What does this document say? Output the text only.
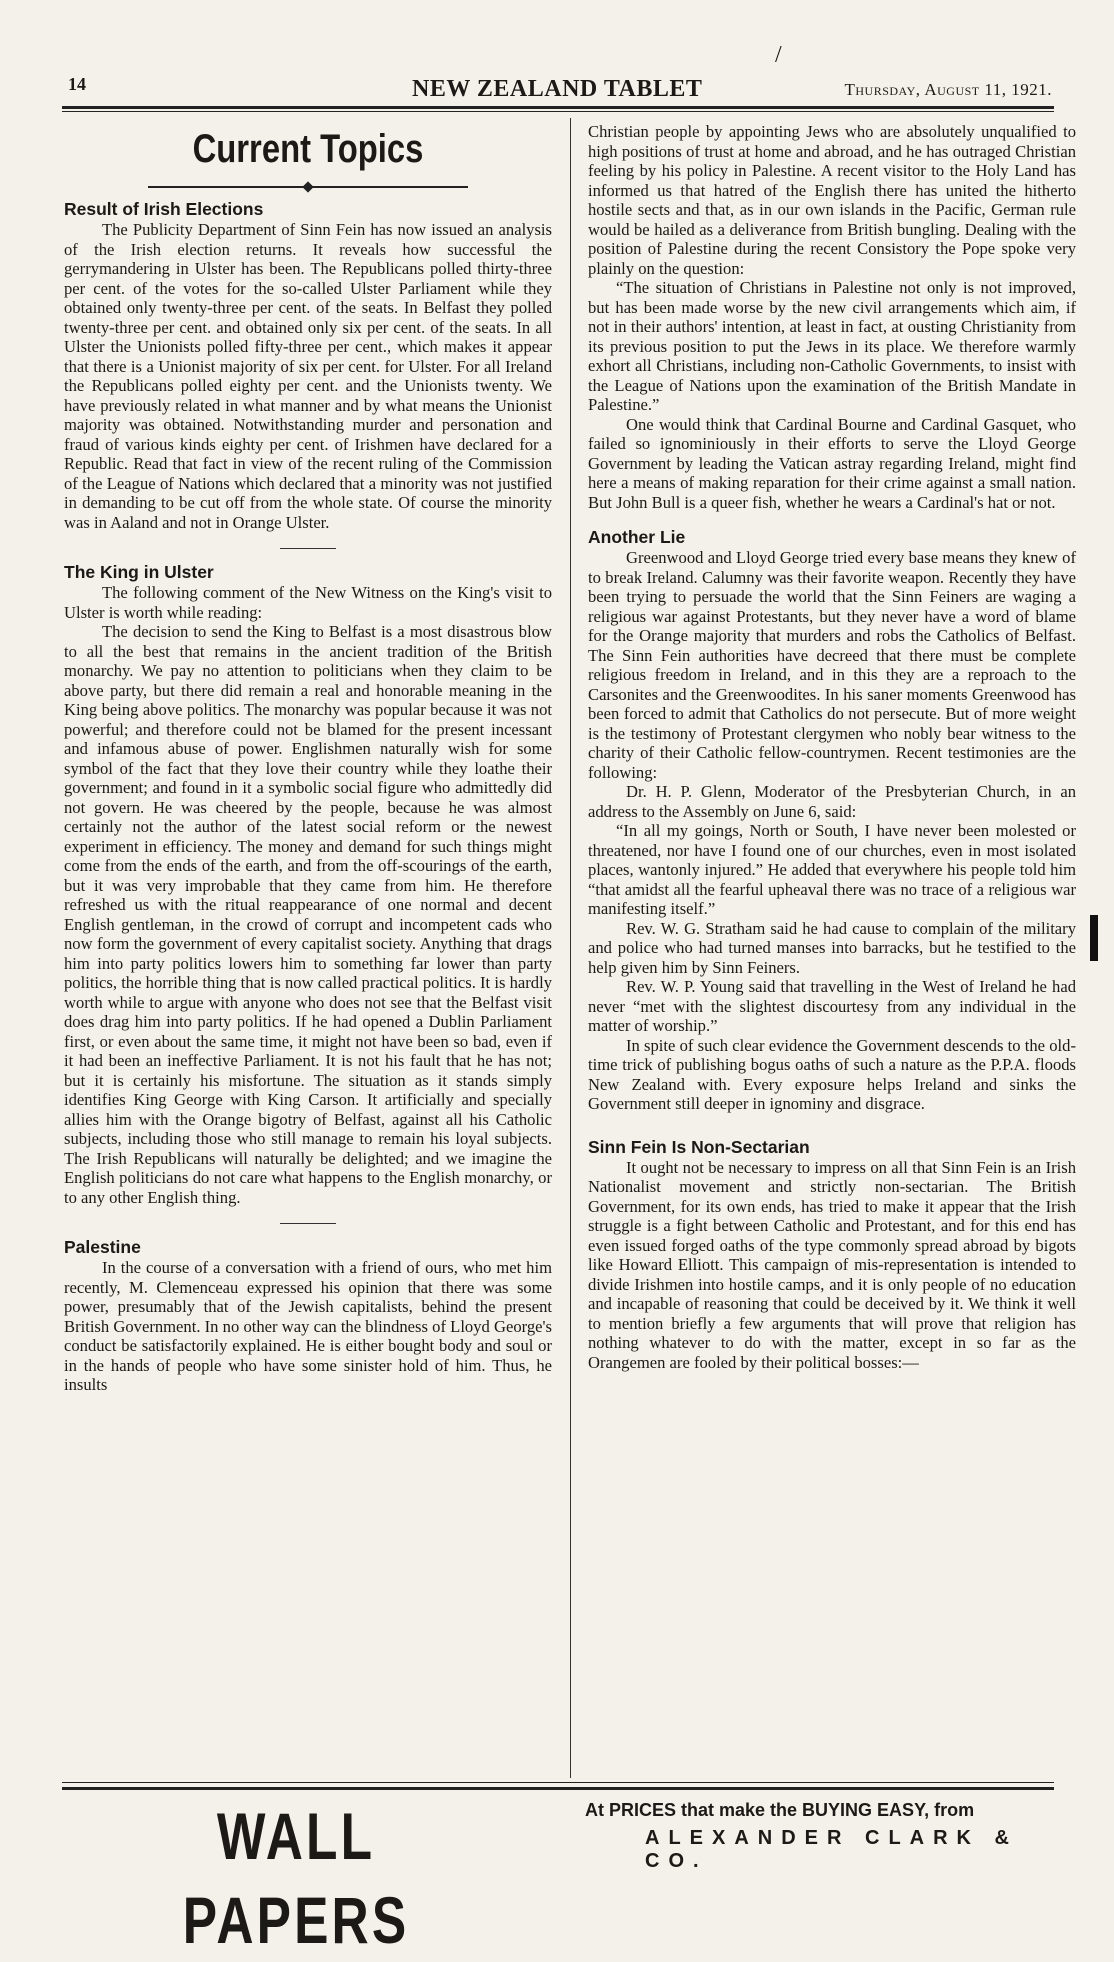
/
14	NEW ZEALAND TABLET	Thursday, August 11, 1921.
Current Topics
Result of Irish Elections

The Publicity Department of Sinn Fein has now issued an analysis of the Irish election returns. It reveals how successful the gerrymandering in Ulster has been. The Republicans polled thirty-three per cent. of the votes for the so-called Ulster Parliament while they obtained only twenty-three per cent. of the seats. In Belfast they polled twenty-three per cent. and obtained only six per cent. of the seats. In all Ulster the Unionists polled fifty-three per cent., which makes it appear that there is a Unionist majority of six per cent. for Ulster. For all Ireland the Republicans polled eighty per cent. and the Unionists twenty. We have previously related in what manner and by what means the Unionist majority was obtained. Notwithstanding murder and personation and fraud of various kinds eighty per cent. of Irishmen have declared for a Republic. Read that fact in view of the recent ruling of the Commission of the League of Nations which declared that a minority was not justified in demanding to be cut off from the whole state. Of course the minority was in Aaland and not in Orange Ulster.

The King in Ulster

The following comment of the New Witness on the King's visit to Ulster is worth while reading:

The decision to send the King to Belfast is a most disastrous blow to all the best that remains in the ancient tradition of the British monarchy. We pay no attention to politicians when they claim to be above party, but there did remain a real and honorable meaning in the King being above politics. The monarchy was popular because it was not powerful; and therefore could not be blamed for the present incessant and infamous abuse of power. Englishmen naturally wish for some symbol of the fact that they love their country while they loathe their government; and found in it a symbolic social figure who admittedly did not govern. He was cheered by the people, because he was almost certainly not the author of the latest social reform or the newest experiment in efficiency. The money and demand for such things might come from the ends of the earth, and from the off-scourings of the earth, but it was very improbable that they came from him. He therefore refreshed us with the ritual reappearance of one normal and decent English gentleman, in the crowd of corrupt and incompetent cads who now form the government of every capitalist society. Anything that drags him into party politics lowers him to something far lower than party politics, the horrible thing that is now called practical politics. It is hardly worth while to argue with anyone who does not see that the Belfast visit does drag him into party politics. If he had opened a Dublin Parliament first, or even about the same time, it might not have been so bad, even if it had been an ineffective Parliament. It is not his fault that he has not; but it is certainly his misfortune. The situation as it stands simply identifies King George with King Carson. It artificially and specially allies him with the Orange bigotry of Belfast, against all his Catholic subjects, including those who still manage to remain his loyal subjects. The Irish Republicans will naturally be delighted; and we imagine the English politicians do not care what happens to the English monarchy, or to any other English thing.

Palestine

In the course of a conversation with a friend of ours, who met him recently, M. Clemenceau expressed his opinion that there was some power, presumably that of the Jewish capitalists, behind the present British Government. In no other way can the blindness of Lloyd George's conduct be satisfactorily explained. He is either bought body and soul or in the hands of people who have some sinister hold of him. Thus, he insults

Christian people by appointing Jews who are absolutely unqualified to high positions of trust at home and abroad, and he has outraged Christian feeling by his policy in Palestine. A recent visitor to the Holy Land has informed us that hatred of the English there has united the hitherto hostile sects and that, as in our own islands in the Pacific, German rule would be hailed as a deliverance from British bungling. Dealing with the position of Palestine during the recent Consistory the Pope spoke very plainly on the question:

“The situation of Christians in Palestine not only is not improved, but has been made worse by the new civil arrangements which aim, if not in their authors' intention, at least in fact, at ousting Christianity from its previous position to put the Jews in its place. We therefore warmly exhort all Christians, including non-Catholic Governments, to insist with the League of Nations upon the examination of the British Mandate in Palestine.”

One would think that Cardinal Bourne and Cardinal Gasquet, who failed so ignominiously in their efforts to serve the Lloyd George Government by leading the Vatican astray regarding Ireland, might find here a means of making reparation for their crime against a small nation. But John Bull is a queer fish, whether he wears a Cardinal's hat or not.

Another Lie

Greenwood and Lloyd George tried every base means they knew of to break Ireland. Calumny was their favorite weapon. Recently they have been trying to persuade the world that the Sinn Feiners are waging a religious war against Protestants, but they never have a word of blame for the Orange majority that murders and robs the Catholics of Belfast. The Sinn Fein authorities have decreed that there must be complete religious freedom in Ireland, and in this they are a reproach to the Carsonites and the Greenwoodites. In his saner moments Greenwood has been forced to admit that Catholics do not persecute. But of more weight is the testimony of Protestant clergymen who nobly bear witness to the charity of their Catholic fellow-countrymen. Recent testimonies are the following:

Dr. H. P. Glenn, Moderator of the Presbyterian Church, in an address to the Assembly on June 6, said:

“In all my goings, North or South, I have never been molested or threatened, nor have I found one of our churches, even in most isolated places, wantonly injured.” He added that everywhere his people told him “that amidst all the fearful upheaval there was no trace of a religious war manifesting itself.”

Rev. W. G. Stratham said he had cause to complain of the military and police who had turned manses into barracks, but he testified to the help given him by Sinn Feiners.

Rev. W. P. Young said that travelling in the West of Ireland he had never “met with the slightest discourtesy from any individual in the matter of worship.”

In spite of such clear evidence the Government descends to the old-time trick of publishing bogus oaths of such a nature as the P.P.A. floods New Zealand with. Every exposure helps Ireland and sinks the Government still deeper in ignominy and disgrace.

Sinn Fein Is Non-Sectarian

It ought not be necessary to impress on all that Sinn Fein is an Irish Nationalist movement and strictly non-sectarian. The British Government, for its own ends, has tried to make it appear that the Irish struggle is a fight between Catholic and Protestant, and for this end has even issued forged oaths of the type commonly spread abroad by bigots like Howard Elliott. This campaign of mis-representation is intended to divide Irishmen into hostile camps, and it is only people of no education and incapable of reasoning that could be deceived by it. We think it well to mention briefly a few arguments that will prove that religion has nothing whatever to do with the matter, except in so far as the Orangemen are fooled by their political bosses:—

WALL PAPERS
At PRICES that make the BUYING EASY, from
ALEXANDER CLARK & CO.
